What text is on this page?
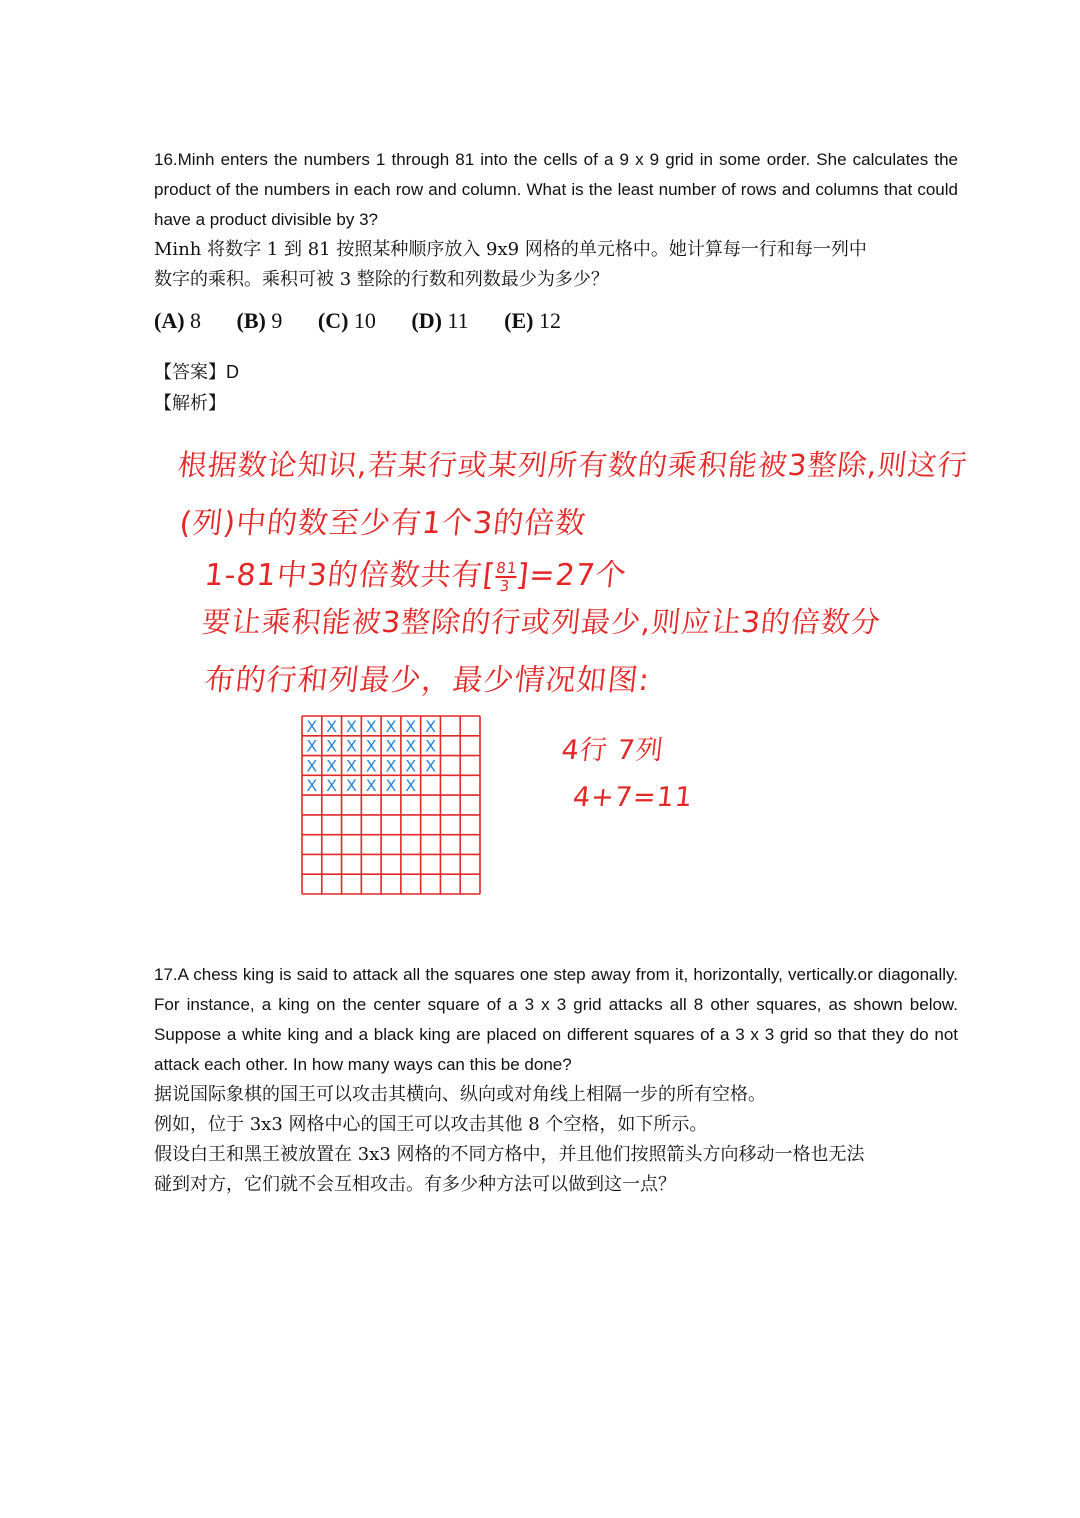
16.Minh enters the numbers 1 through 81 into the cells of a 9 x 9 grid in some order. She calculates the product of the numbers in each row and column. What is the least number of rows and columns that could have a product divisible by 3?

Minh 将数字 1 到 81 按照某种顺序放入 9x9 网格的单元格中。她计算每一行和每一列中

数字的乘积。乘积可被 3 整除的行数和列数最少为多少？

(A) 8 (B) 9 (C) 10 (D) 11 (E) 12
【答案】D
【解析】
根据数论知识,若某行或某列所有数的乘积能被3整除,则这行
(列)中的数至少有1个3的倍数
1-81中3的倍数共有[
$\frac{81}{3}$
]=27个
要让乘积能被3整除的行或列最少,则应让3的倍数分
布的行和列最少，最少情况如图:
X X X X X X X
X X X X X X X
X X X X X X X
X X X X X X
4行 7列
4+7=11

17.A chess king is said to attack all the squares one step away from it, horizontally, vertically.or diagonally. For instance, a king on the center square of a 3 x 3 grid attacks all 8 other squares, as shown below. Suppose a white king and a black king are placed on different squares of a 3 x 3 grid so that they do not attack each other. In how many ways can this be done?

据说国际象棋的国王可以攻击其横向、纵向或对角线上相隔一步的所有空格。

例如，位于 3x3 网格中心的国王可以攻击其他 8 个空格，如下所示。

假设白王和黑王被放置在 3x3 网格的不同方格中，并且他们按照箭头方向移动一格也无法

碰到对方，它们就不会互相攻击。有多少种方法可以做到这一点？
